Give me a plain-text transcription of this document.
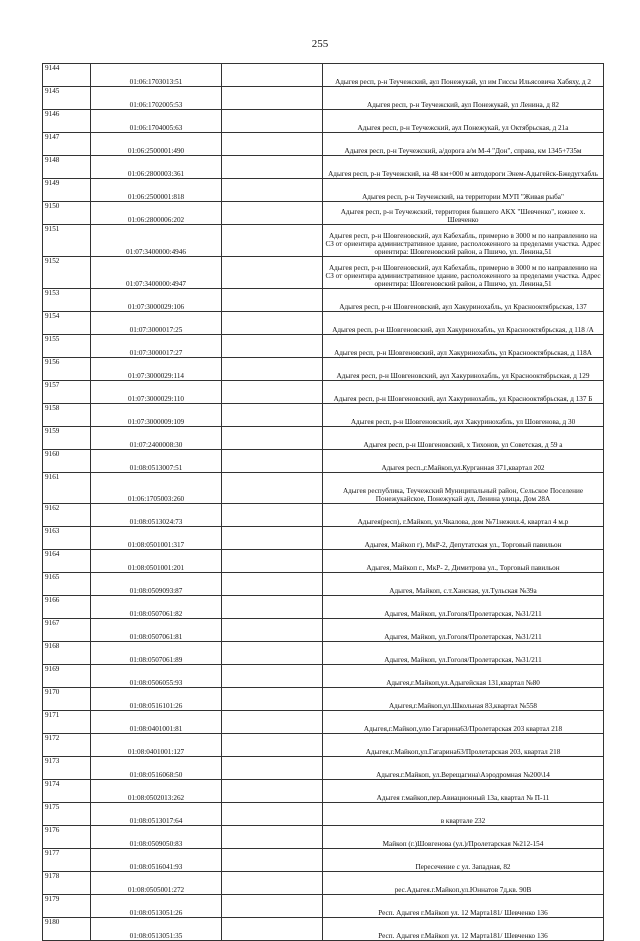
255
9144	01:06:1703013:51		Адыгея респ, р-н Теучежский, аул Понежукай, ул им Гиссы Ильясовича Хабяху, д 2
9145	01:06:1702005:53		Адыгея респ, р-н Теучежский, аул Понежукай, ул Ленина, д 82
9146	01:06:1704005:63		Адыгея респ, р-н Теучежский, аул Понежукай, ул Октябрьская, д 21а
9147	01:06:2500001:490		Адыгея респ, р-н Теучежский, а/дорога а/м М-4 "Дон", справа, км 1345+735м
9148	01:06:2800003:361		Адыгея респ, р-н Теучежский, на 48 км+000 м автодороги Энем-Адыгейск-Бжедугхабль
9149	01:06:2500001:818		Адыгея респ, р-н Теучежский, на территории МУП "Живая рыба"
9150	01:06:2800006:202		Адыгея респ, р-н Теучежский, территория бывшего АКХ "Шевченко", южнее х. Шевченко
9151	01:07:3400000:4946		Адыгея респ, р-н Шовгеновский, аул Кабехабль, примерно в 3000 м по направлению на СЗ от ориентира административное здание, расположенного за пределами участка. Адрес ориентира: Шовгеновский район, а Пшичо, ул. Ленина,51
9152	01:07:3400000:4947		Адыгея респ, р-н Шовгеновский, аул Кабехабль, примерно в 3000 м по направлению на СЗ от ориентира административное здание, расположенного за пределами участка. Адрес ориентира: Шовгеновский район, а Пшичо, ул. Ленина,51
9153	01:07:3000029:106		Адыгея респ, р-н Шовгеновский, аул Хакуринохабль, ул Краснооктябрьская, 137
9154	01:07:3000017:25		Адыгея респ, р-н Шовгеновский, аул Хакуринохабль, ул Краснооктябрьская, д 118 /А
9155	01:07:3000017:27		Адыгея респ, р-н Шовгеновский, аул Хакуринохабль, ул Краснооктябрьская, д 118А
9156	01:07:3000029:114		Адыгея респ, р-н Шовгеновский, аул Хакуринохабль, ул Краснооктябрьская, д 129
9157	01:07:3000029:110		Адыгея респ, р-н Шовгеновский, аул Хакуринохабль, ул Краснооктябрьская, д 137 Б
9158	01:07:3000009:109		Адыгея респ, р-н Шовгеновский, аул Хакуринохабль, ул Шовгенова, д 30
9159	01:07:2400008:30		Адыгея респ, р-н Шовгеновский, х Тихонов, ул Советская, д 59 а
9160	01:08:0513007:51		Адыгея респ.,г.Майкоп,ул.Курганная 371,квартал 202
9161	01:06:1705003:260		Адыгея республика, Теучежский Муниципальный район, Сельское Поселение Понежукайское, Понежукай аул, Ленина улица, Дом 28А
9162	01:08:0513024:73		Адыгея(респ), г.Майкоп, ул.Чкалова, дом №71нежил.4, квартал 4 м.р
9163	01:08:0501001:317		Адыгея, Майкоп г), МкР-2, Депутатская ул., Торговый павильон
9164	01:08:0501001:201		Адыгея, Майкоп г., МкР- 2, Димитрова ул., Торговый павильон
9165	01:08:0509093:87		Адыгея, Майкоп, с.т.Ханская, ул.Тульская №39а
9166	01:08:0507061:82		Адыгея, Майкоп, ул.Гоголя/Пролетарская, №31/211
9167	01:08:0507061:81		Адыгея, Майкоп, ул.Гоголя/Пролетарская, №31/211
9168	01:08:0507061:89		Адыгея, Майкоп, ул.Гоголя/Пролетарская, №31/211
9169	01:08:0506055:93		Адыгея,г.Майкоп,ул.Адыгейская 131,квартал №80
9170	01:08:0516101:26		Адыгея,г.Майкоп,ул.Школьная 83,квартал №558
9171	01:08:0401001:81		Адыгея,г.Майкоп,улю Гагарина63/Пролетарская 203 квартал 218
9172	01:08:0401001:127		Адыгея,г.Майкоп,ул.Гагарина63/Пролетарская 203, квартал 218
9173	01:08:0516068:50		Адыгея.г.Майкоп, ул.Верещагина\Аэродромная №200\14
9174	01:08:0502013:262		Адыгея г.майкоп,пер.Авиационный 13а, квартал № П-11
9175	01:08:0513017:64		в квартале 232
9176	01:08:0509050:83		Майкоп (г.)Шовгенова (ул.)/Пролетарская №212-154
9177	01:08:0516041:93		Пересечение с ул. Западная, 82
9178	01:08:0505001:272		рес.Адыгея.г.Майкоп,ул.Юннатов 7д,кв. 90В
9179	01:08:0513051:26		Респ. Адыгея г.Майкоп ул. 12 Марта181/ Шевченко 136
9180	01:08:0513051:35		Респ. Адыгея г.Майкоп ул. 12 Марта181/ Шевченко 136
